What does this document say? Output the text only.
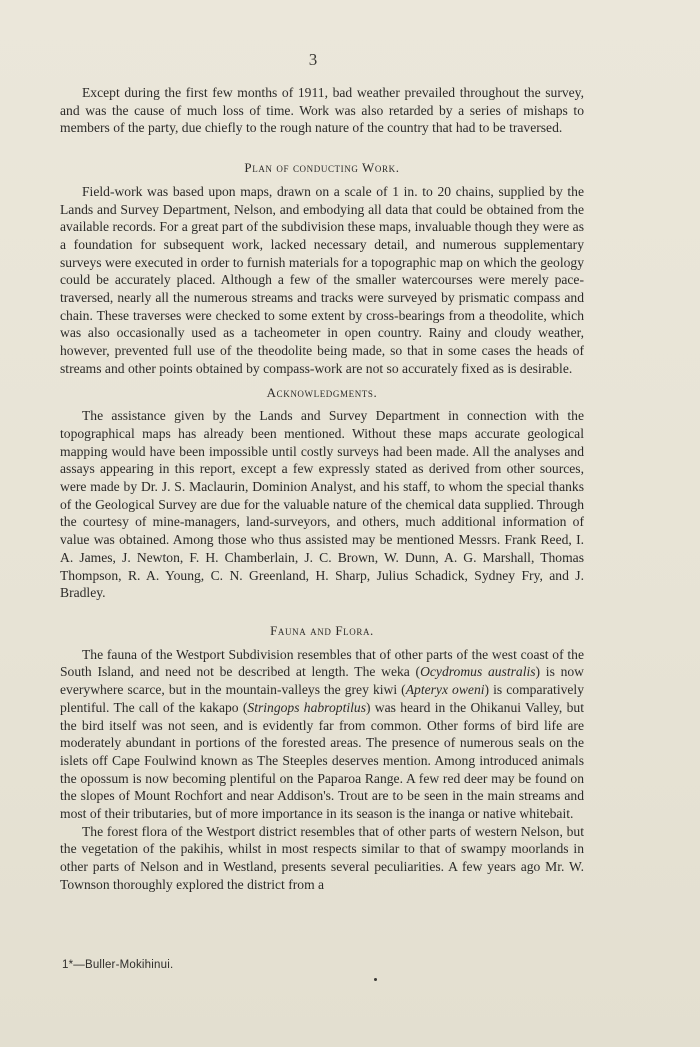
3

Except during the first few months of 1911, bad weather prevailed throughout the survey, and was the cause of much loss of time. Work was also retarded by a series of mishaps to members of the party, due chiefly to the rough nature of the country that had to be traversed.

Plan of conducting Work.

Field-work was based upon maps, drawn on a scale of 1 in. to 20 chains, supplied by the Lands and Survey Department, Nelson, and embodying all data that could be obtained from the available records. For a great part of the subdivision these maps, invaluable though they were as a foundation for subsequent work, lacked necessary detail, and numerous supplementary surveys were executed in order to furnish materials for a topographic map on which the geology could be accurately placed. Although a few of the smaller watercourses were merely pace-traversed, nearly all the numerous streams and tracks were surveyed by prismatic compass and chain. These traverses were checked to some extent by cross-bearings from a theodolite, which was also occasionally used as a tacheometer in open country. Rainy and cloudy weather, however, prevented full use of the theodolite being made, so that in some cases the heads of streams and other points obtained by compass-work are not so accurately fixed as is desirable.

Acknowledgments.

The assistance given by the Lands and Survey Department in connection with the topographical maps has already been mentioned. Without these maps accurate geological mapping would have been impossible until costly surveys had been made. All the analyses and assays appearing in this report, except a few expressly stated as derived from other sources, were made by Dr. J. S. Maclaurin, Dominion Analyst, and his staff, to whom the special thanks of the Geological Survey are due for the valuable nature of the chemical data supplied. Through the courtesy of mine-managers, land-surveyors, and others, much additional information of value was obtained. Among those who thus assisted may be mentioned Messrs. Frank Reed, I. A. James, J. Newton, F. H. Chamberlain, J. C. Brown, W. Dunn, A. G. Marshall, Thomas Thompson, R. A. Young, C. N. Greenland, H. Sharp, Julius Schadick, Sydney Fry, and J. Bradley.

Fauna and Flora.

The fauna of the Westport Subdivision resembles that of other parts of the west coast of the South Island, and need not be described at length. The weka (Ocydromus australis) is now everywhere scarce, but in the mountain-valleys the grey kiwi (Apteryx oweni) is comparatively plentiful. The call of the kakapo (Stringops habroptilus) was heard in the Ohikanui Valley, but the bird itself was not seen, and is evidently far from common. Other forms of bird life are moderately abundant in portions of the forested areas. The presence of numerous seals on the islets off Cape Foulwind known as The Steeples deserves mention. Among introduced animals the opossum is now becoming plentiful on the Paparoa Range. A few red deer may be found on the slopes of Mount Rochfort and near Addison's. Trout are to be seen in the main streams and most of their tributaries, but of more importance in its season is the inanga or native whitebait.

The forest flora of the Westport district resembles that of other parts of western Nelson, but the vegetation of the pakihis, whilst in most respects similar to that of swampy moorlands in other parts of Nelson and in Westland, presents several peculiarities. A few years ago Mr. W. Townson thoroughly explored the district from a

1*—Buller-Mokihinui.
